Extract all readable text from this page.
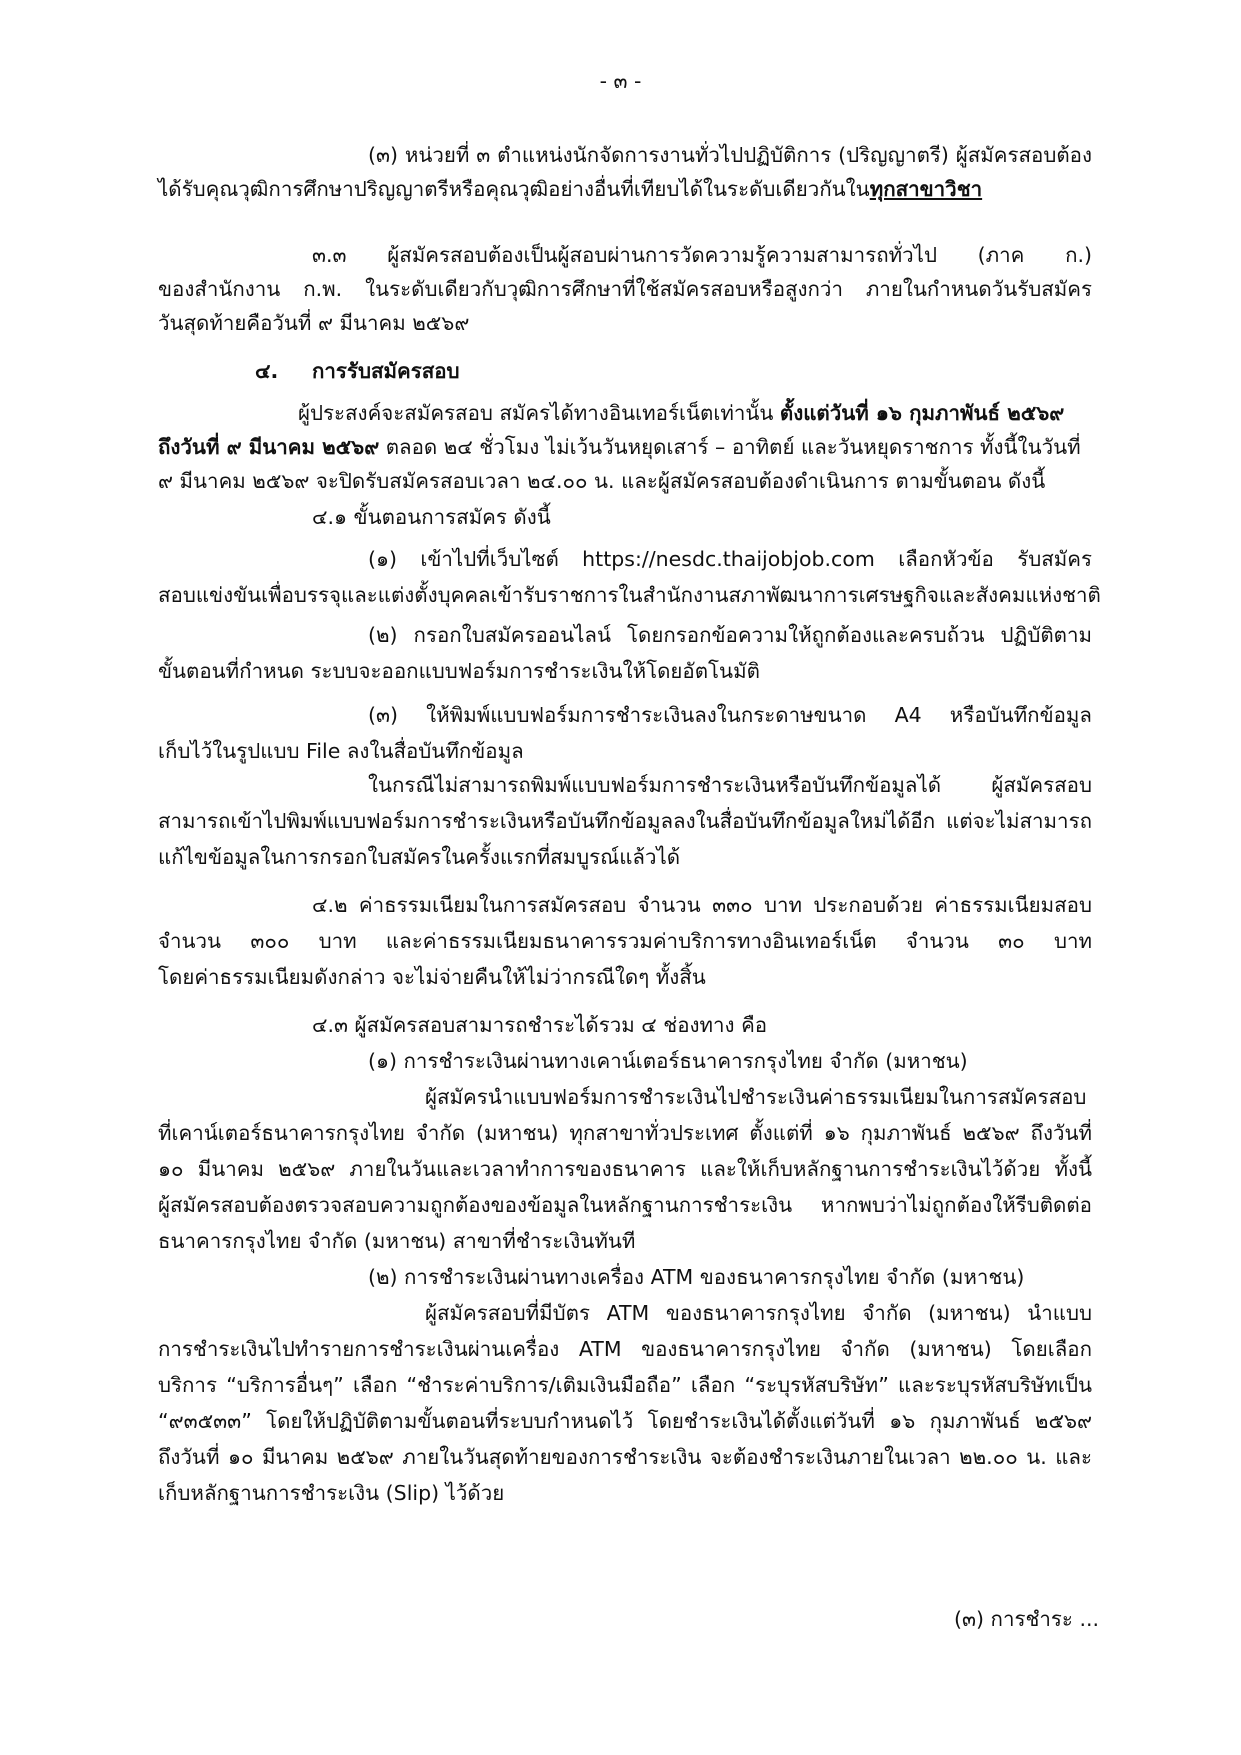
- ๓ -
(๓) หน่วยที่ ๓ ตำแหน่งนักจัดการงานทั่วไปปฏิบัติการ (ปริญญาตรี) ผู้สมัครสอบต้อง
ได้รับคุณวุฒิการศึกษาปริญญาตรีหรือคุณวุฒิอย่างอื่นที่เทียบได้ในระดับเดียวกันในทุกสาขาวิชา
๓.๓ ผู้สมัครสอบต้องเป็นผู้สอบผ่านการวัดความรู้ความสามารถทั่วไป (ภาค ก.)
ของสำนักงาน ก.พ. ในระดับเดียวกับวุฒิการศึกษาที่ใช้สมัครสอบหรือสูงกว่า ภายในกำหนดวันรับสมัคร
วันสุดท้ายคือวันที่ ๙ มีนาคม ๒๕๖๙
๔. การรับสมัครสอบ
ผู้ประสงค์จะสมัครสอบ สมัครได้ทางอินเทอร์เน็ตเท่านั้น ตั้งแต่วันที่ ๑๖ กุมภาพันธ์ ๒๕๖๙
ถึงวันที่ ๙ มีนาคม ๒๕๖๙ ตลอด ๒๔ ชั่วโมง ไม่เว้นวันหยุดเสาร์ – อาทิตย์ และวันหยุดราชการ ทั้งนี้ในวันที่
๙ มีนาคม ๒๕๖๙ จะปิดรับสมัครสอบเวลา ๒๔.๐๐ น. และผู้สมัครสอบต้องดำเนินการ ตามขั้นตอน ดังนี้
๔.๑ ขั้นตอนการสมัคร ดังนี้
(๑) เข้าไปที่เว็บไซต์ https://nesdc.thaijobjob.com เลือกหัวข้อ รับสมัคร
สอบแข่งขันเพื่อบรรจุและแต่งตั้งบุคคลเข้ารับราชการในสำนักงานสภาพัฒนาการเศรษฐกิจและสังคมแห่งชาติ
(๒) กรอกใบสมัครออนไลน์ โดยกรอกข้อความให้ถูกต้องและครบถ้วน ปฏิบัติตาม
ขั้นตอนที่กำหนด ระบบจะออกแบบฟอร์มการชำระเงินให้โดยอัตโนมัติ
(๓) ให้พิมพ์แบบฟอร์มการชำระเงินลงในกระดาษขนาด A4 หรือบันทึกข้อมูล
เก็บไว้ในรูปแบบ File ลงในสื่อบันทึกข้อมูล
ในกรณีไม่สามารถพิมพ์แบบฟอร์มการชำระเงินหรือบันทึกข้อมูลได้ ผู้สมัครสอบ
สามารถเข้าไปพิมพ์แบบฟอร์มการชำระเงินหรือบันทึกข้อมูลลงในสื่อบันทึกข้อมูลใหม่ได้อีก แต่จะไม่สามารถ
แก้ไขข้อมูลในการกรอกใบสมัครในครั้งแรกที่สมบูรณ์แล้วได้
๔.๒ ค่าธรรมเนียมในการสมัครสอบ จำนวน ๓๓๐ บาท ประกอบด้วย ค่าธรรมเนียมสอบ
จำนวน ๓๐๐ บาท และค่าธรรมเนียมธนาคารรวมค่าบริการทางอินเทอร์เน็ต จำนวน ๓๐ บาท
โดยค่าธรรมเนียมดังกล่าว จะไม่จ่ายคืนให้ไม่ว่ากรณีใดๆ ทั้งสิ้น
๔.๓ ผู้สมัครสอบสามารถชำระได้รวม ๔ ช่องทาง คือ
(๑) การชำระเงินผ่านทางเคาน์เตอร์ธนาคารกรุงไทย จำกัด (มหาชน)
ผู้สมัครนำแบบฟอร์มการชำระเงินไปชำระเงินค่าธรรมเนียมในการสมัครสอบ
ที่เคาน์เตอร์ธนาคารกรุงไทย จำกัด (มหาชน) ทุกสาขาทั่วประเทศ ตั้งแต่ที่ ๑๖ กุมภาพันธ์ ๒๕๖๙ ถึงวันที่
๑๐ มีนาคม ๒๕๖๙ ภายในวันและเวลาทำการของธนาคาร และให้เก็บหลักฐานการชำระเงินไว้ด้วย ทั้งนี้
ผู้สมัครสอบต้องตรวจสอบความถูกต้องของข้อมูลในหลักฐานการชำระเงิน หากพบว่าไม่ถูกต้องให้รีบติดต่อ
ธนาคารกรุงไทย จำกัด (มหาชน) สาขาที่ชำระเงินทันที
(๒) การชำระเงินผ่านทางเครื่อง ATM ของธนาคารกรุงไทย จำกัด (มหาชน)
ผู้สมัครสอบที่มีบัตร ATM ของธนาคารกรุงไทย จำกัด (มหาชน) นำแบบ
การชำระเงินไปทำรายการชำระเงินผ่านเครื่อง ATM ของธนาคารกรุงไทย จำกัด (มหาชน) โดยเลือก
บริการ “บริการอื่นๆ” เลือก “ชำระค่าบริการ/เติมเงินมือถือ” เลือก “ระบุรหัสบริษัท” และระบุรหัสบริษัทเป็น
“๙๓๕๓๓” โดยให้ปฏิบัติตามขั้นตอนที่ระบบกำหนดไว้ โดยชำระเงินได้ตั้งแต่วันที่ ๑๖ กุมภาพันธ์ ๒๕๖๙
ถึงวันที่ ๑๐ มีนาคม ๒๕๖๙ ภายในวันสุดท้ายของการชำระเงิน จะต้องชำระเงินภายในเวลา ๒๒.๐๐ น. และ
เก็บหลักฐานการชำระเงิน (Slip) ไว้ด้วย
(๓) การชำระ ...
